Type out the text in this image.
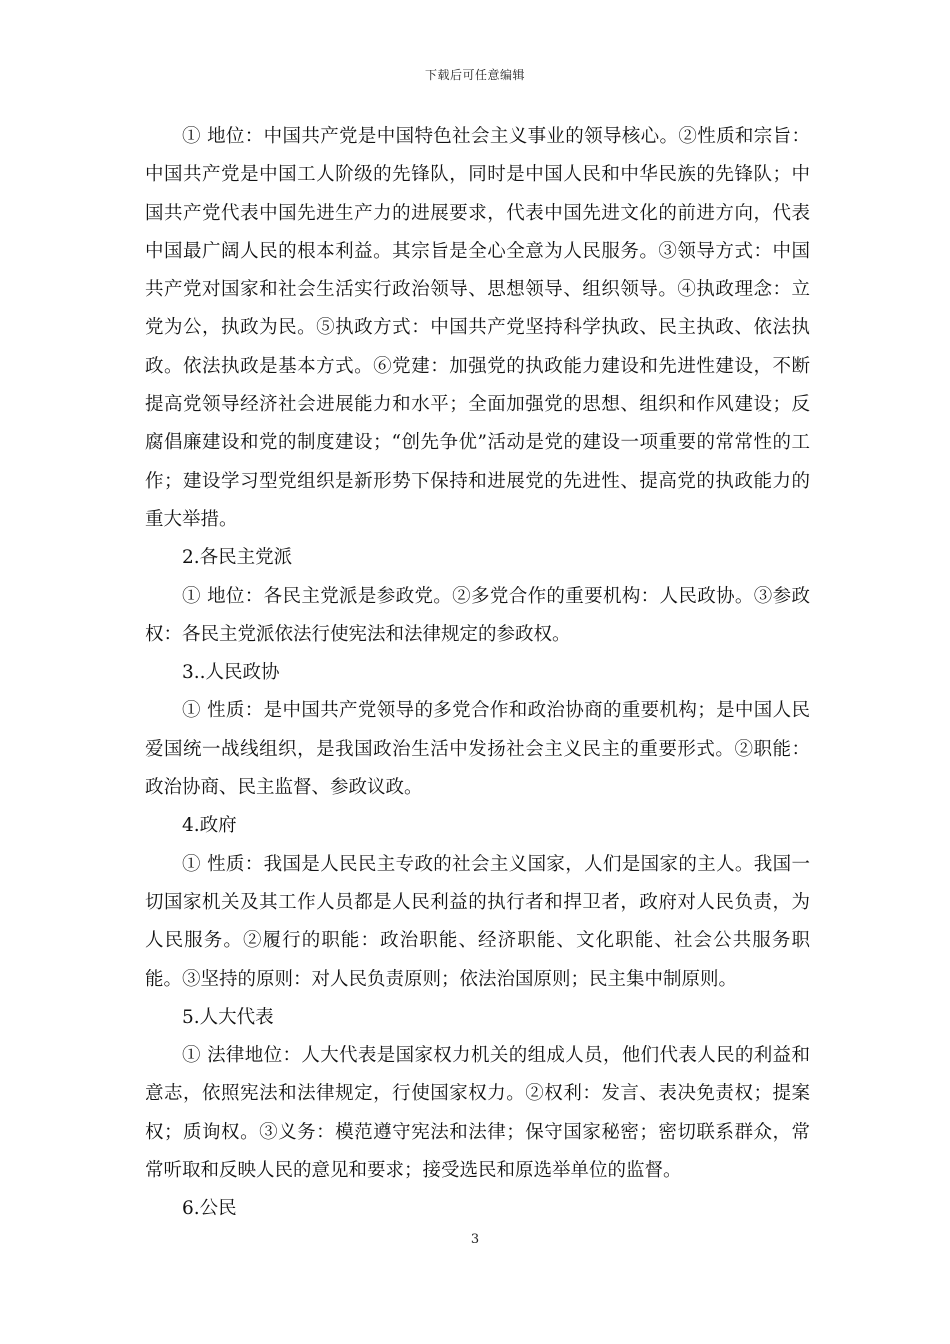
下载后可任意编辑

① 地位：中国共产党是中国特色社会主义事业的领导核心。②性质和宗旨：中国共产党是中国工人阶级的先锋队，同时是中国人民和中华民族的先锋队；中国共产党代表中国先进生产力的进展要求，代表中国先进文化的前进方向，代表中国最广阔人民的根本利益。其宗旨是全心全意为人民服务。③领导方式：中国共产党对国家和社会生活实行政治领导、思想领导、组织领导。④执政理念：立党为公，执政为民。⑤执政方式：中国共产党坚持科学执政、民主执政、依法执政。依法执政是基本方式。⑥党建：加强党的执政能力建设和先进性建设，不断提高党领导经济社会进展能力和水平；全面加强党的思想、组织和作风建设；反腐倡廉建设和党的制度建设；“创先争优”活动是党的建设一项重要的常常性的工作；建设学习型党组织是新形势下保持和进展党的先进性、提高党的执政能力的重大举措。

2.各民主党派

① 地位：各民主党派是参政党。②多党合作的重要机构：人民政协。③参政权：各民主党派依法行使宪法和法律规定的参政权。

3..人民政协

① 性质：是中国共产党领导的多党合作和政治协商的重要机构；是中国人民爱国统一战线组织，是我国政治生活中发扬社会主义民主的重要形式。②职能：政治协商、民主监督、参政议政。

4.政府

① 性质：我国是人民民主专政的社会主义国家，人们是国家的主人。我国一切国家机关及其工作人员都是人民利益的执行者和捍卫者，政府对人民负责，为人民服务。②履行的职能：政治职能、经济职能、文化职能、社会公共服务职能。③坚持的原则：对人民负责原则；依法治国原则；民主集中制原则。

5.人大代表

① 法律地位：人大代表是国家权力机关的组成人员，他们代表人民的利益和意志，依照宪法和法律规定，行使国家权力。②权利：发言、表决免责权；提案权；质询权。③义务：模范遵守宪法和法律；保守国家秘密；密切联系群众，常常听取和反映人民的意见和要求；接受选民和原选举单位的监督。

6.公民

3
